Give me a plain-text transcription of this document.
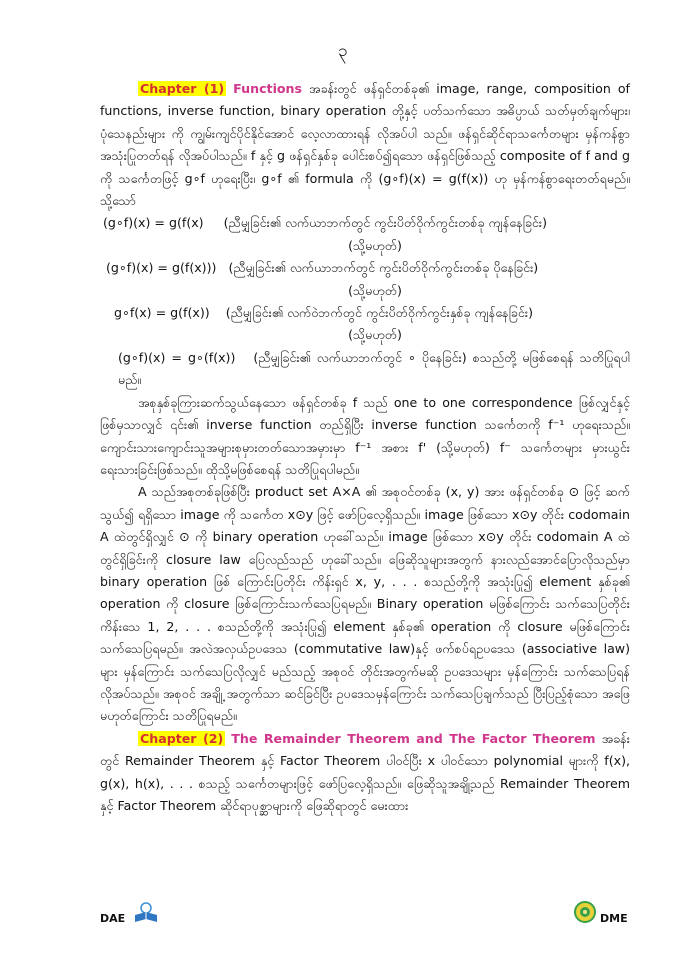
၃

Chapter (1) Functions အခန်းတွင် ဖန်ရှင်တစ်ခု၏ image, range, composition of functions, inverse function, binary operation တို့နှင့် ပတ်သက်သော အဓိပ္ပာယ် သတ်မှတ်ချက်များ၊ ပုံသေနည်းများ ကို ကျွမ်းကျင်ပိုင်နိုင်အောင် လေ့လာထားရန် လိုအပ်ပါ သည်။ ဖန်ရှင်ဆိုင်ရာသင်္ကေတများ မှန်ကန်စွာ အသုံးပြုတတ်ရန် လိုအပ်ပါသည်။ f နှင့် g ဖန်ရှင်နှစ်ခု ပေါင်းစပ်၍ရသော ဖန်ရှင်ဖြစ်သည့် composite of f and g ကို သင်္ကေတဖြင့် g∘f ဟုရေးပြီး၊ g∘f ၏ formula ကို (g∘f)(x) = g(f(x)) ဟု မှန်ကန်စွာရေးတတ်ရမည်။ သို့သော်

(g∘f)(x) = g(f(x) (ညီမျှခြင်း၏ လက်ယာဘက်တွင် ကွင်းပိတ်ဝိုက်ကွင်းတစ်ခု ကျန်နေခြင်း)

(သို့မဟုတ်)

(g∘f)(x) = g(f(x))) (ညီမျှခြင်း၏ လက်ယာဘက်တွင် ကွင်းပိတ်ဝိုက်ကွင်းတစ်ခု ပိုနေခြင်း)

(သို့မဟုတ်)

g∘f(x) = g(f(x)) (ညီမျှခြင်း၏ လက်ဝဲဘက်တွင် ကွင်းပိတ်ဝိုက်ကွင်းနှစ်ခု ကျန်နေခြင်း)

(သို့မဟုတ်)

(g∘f)(x) = g∘(f(x)) (ညီမျှခြင်း၏ လက်ယာဘက်တွင် ∘ ပိုနေခြင်း) စသည်တို့ မဖြစ်စေရန် သတိပြုရပါမည်။

အစုနှစ်ခုကြားဆက်သွယ်နေသော ဖန်ရှင်တစ်ခု f သည် one to one correspondence ဖြစ်လျှင်နှင့် ဖြစ်မှသာလျှင် ၎င်း၏ inverse function တည်ရှိပြီး inverse function သင်္ကေတကို f⁻¹ ဟုရေးသည်။ ကျောင်းသားကျောင်းသူအများစုမှားတတ်သောအမှားမှာ f⁻¹ အစား f' (သို့မဟုတ်) f⁻ သင်္ကေတများ မှားယွင်း ရေးသားခြင်းဖြစ်သည်။ ထိုသို့မဖြစ်စေရန် သတိပြုရပါမည်။

A သည်အစုတစ်ခုဖြစ်ပြီး product set A×A ၏ အစုဝင်တစ်ခု (x, y) အား ဖန်ရှင်တစ်ခု ⊙ ဖြင့် ဆက်သွယ်၍ ရရှိသော image ကို သင်္ကေတ x⊙y ဖြင့် ဖော်ပြလေ့ရှိသည်။ image ဖြစ်သော x⊙y တိုင်း codomain A ထဲတွင်ရှိလျှင် ⊙ ကို binary operation ဟုခေါ်သည်။ image ဖြစ်သော x⊙y တိုင်း codomain A ထဲတွင်ရှိခြင်းကို closure law ပြေလည်သည် ဟုခေါ်သည်။ ဖြေဆိုသူများအတွက် နားလည်အောင်ပြောလိုသည်မှာ binary operation ဖြစ် ကြောင်းပြတိုင်း ကိန်းရှင် x, y, . . . စသည်တို့ကို အသုံးပြု၍ element နှစ်ခု၏ operation ကို closure ဖြစ်ကြောင်းသက်သေပြရမည်။ Binary operation မဖြစ်ကြောင်း သက်သေပြတိုင်း ကိန်းသေ 1, 2, . . . စသည်တို့ကို အသုံးပြု၍ element နှစ်ခု၏ operation ကို closure မဖြစ်ကြောင်း သက်သေပြရမည်။ အလဲအလှယ်ဥပဒေသ (commutative law)နှင့် ဖက်စပ်ရဥပဒေသ (associative law) များ မှန်ကြောင်း သက်သေပြလိုလျှင် မည်သည့် အစုဝင် တိုင်းအတွက်မဆို ဥပဒေသများ မှန်ကြောင်း သက်သေပြရန် လိုအပ်သည်။ အစုဝင် အချို့ အတွက်သာ ဆင်ခြင်ပြီး ဥပဒေသမှန်ကြောင်း သက်သေပြချက်သည် ပြီးပြည့်စုံသော အဖြေ မဟုတ်ကြောင်း သတိပြုရမည်။

Chapter (2) The Remainder Theorem and The Factor Theorem အခန်းတွင် Remainder Theorem နှင့် Factor Theorem ပါဝင်ပြီး x ပါဝင်သော polynomial များကို f(x), g(x), h(x), . . . စသည့် သင်္ကေတများဖြင့် ဖော်ပြလေ့ရှိသည်။ ဖြေဆိုသူအချို့သည် Remainder Theorem နှင့် Factor Theorem ဆိုင်ရာပုစ္ဆာများကို ဖြေဆိုရာတွင် မေးထား

DAE	DME
